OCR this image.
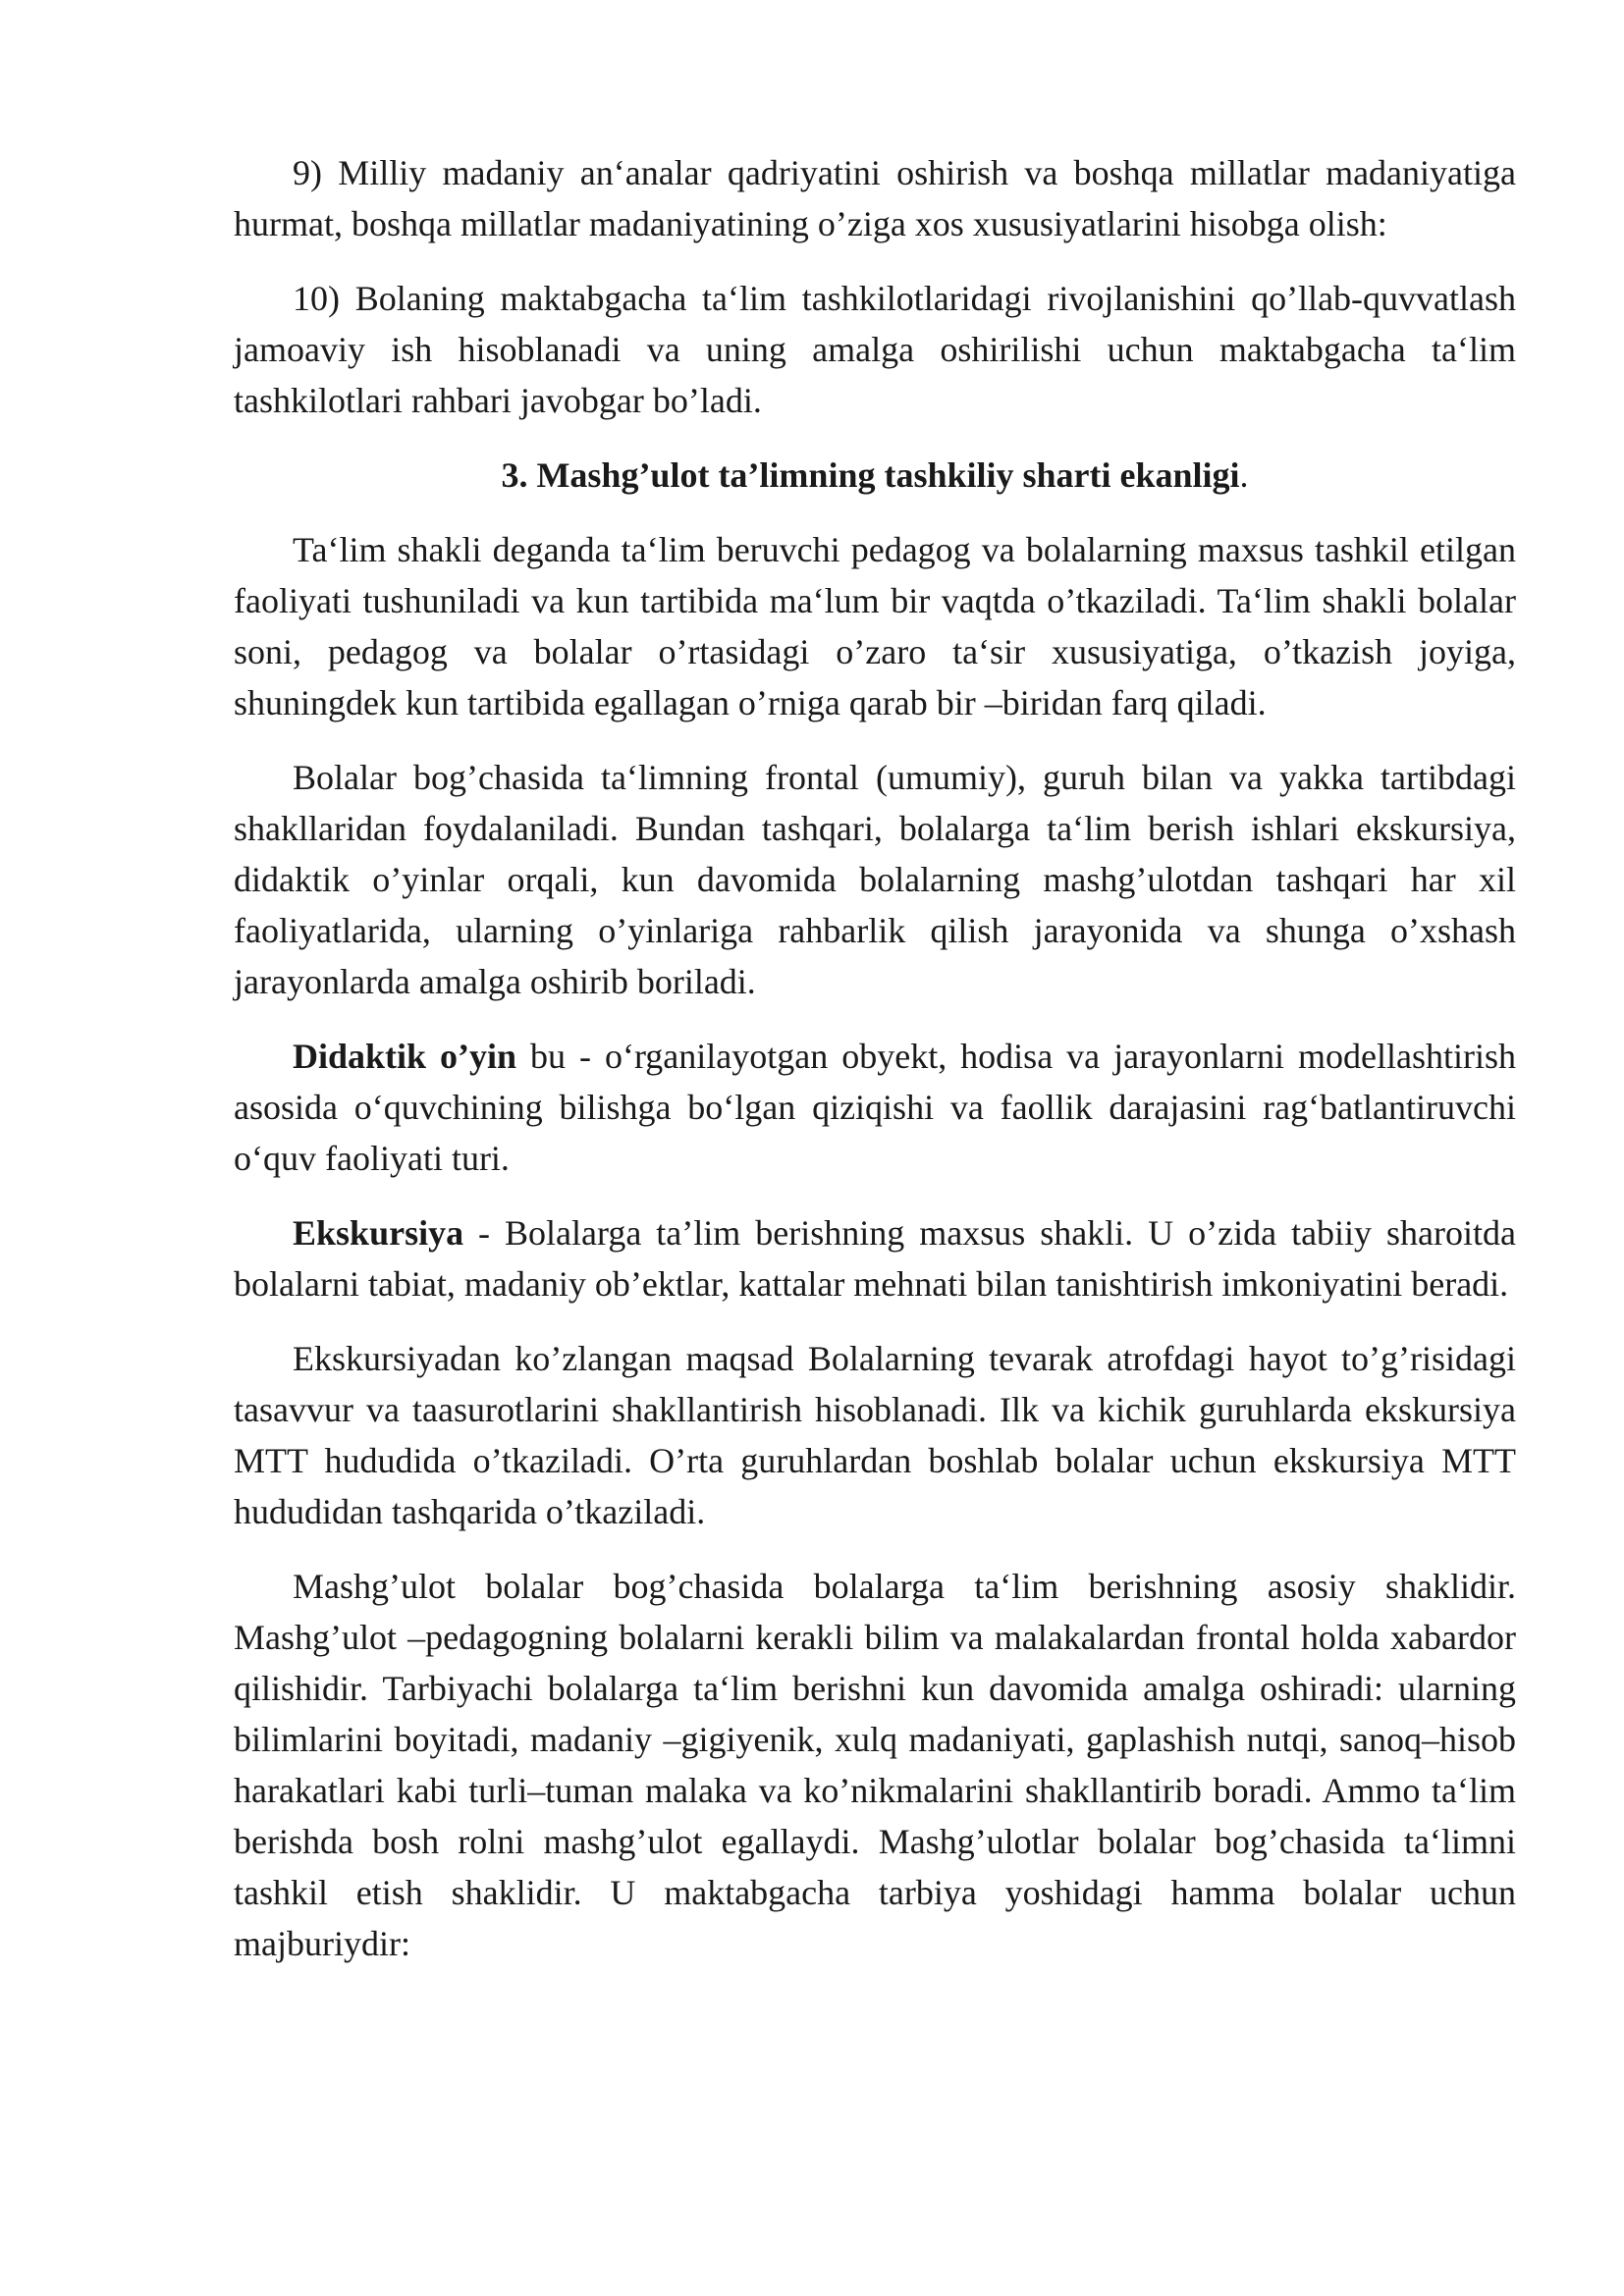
9) Milliy madaniy an‘analar qadriyatini oshirish va boshqa millatlar madaniyatiga hurmat, boshqa millatlar madaniyatining o’ziga xos xususiyatlarini hisobga olish:

10) Bolaning maktabgacha ta‘lim tashkilotlaridagi rivojlanishini qo’llab-quvvatlash jamoaviy ish hisoblanadi va uning amalga oshirilishi uchun maktabgacha ta‘lim tashkilotlari rahbari javobgar bo’ladi.

3. Mashg’ulot ta’limning tashkiliy sharti ekanligi.

Ta‘lim shakli deganda ta‘lim beruvchi pedagog va bolalarning maxsus tashkil etilgan faoliyati tushuniladi va kun tartibida ma‘lum bir vaqtda o’tkaziladi. Ta‘lim shakli bolalar soni, pedagog va bolalar o’rtasidagi o’zaro ta‘sir xususiyatiga, o’tkazish joyiga, shuningdek kun tartibida egallagan o’rniga qarab bir –biridan farq qiladi.

Bolalar bog’chasida ta‘limning frontal (umumiy), guruh bilan va yakka tartibdagi shakllaridan foydalaniladi. Bundan tashqari, bolalarga ta‘lim berish ishlari ekskursiya, didaktik o’yinlar orqali, kun davomida bolalarning mashg’ulotdan tashqari har xil faoliyatlarida, ularning o’yinlariga rahbarlik qilish jarayonida va shunga o’xshash jarayonlarda amalga oshirib boriladi.

Didaktik o’yin bu - o‘rganilayotgan obyekt, hodisa va jarayonlarni modellashtirish asosida o‘quvchining bilishga bo‘lgan qiziqishi va faollik darajasini rag‘batlantiruvchi o‘quv faoliyati turi.

Ekskursiya - Bolalarga ta’lim berishning maxsus shakli. U o’zida tabiiy sharoitda bolalarni tabiat, madaniy ob’ektlar, kattalar mehnati bilan tanishtirish imkoniyatini beradi.

Ekskursiyadan ko’zlangan maqsad Bolalarning tevarak atrofdagi hayot to’g’risidagi tasavvur va taasurotlarini shakllantirish hisoblanadi. Ilk va kichik guruhlarda ekskursiya MTT hududida o’tkaziladi. O’rta guruhlardan boshlab bolalar uchun ekskursiya MTT hududidan tashqarida o’tkaziladi.

Mashg’ulot bolalar bog’chasida bolalarga ta‘lim berishning asosiy shaklidir. Mashg’ulot –pedagogning bolalarni kerakli bilim va malakalardan frontal holda xabardor qilishidir. Tarbiyachi bolalarga ta‘lim berishni kun davomida amalga oshiradi: ularning bilimlarini boyitadi, madaniy –gigiyenik, xulq madaniyati, gaplashish nutqi, sanoq–hisob harakatlari kabi turli–tuman malaka va ko’nikmalarini shakllantirib boradi. Ammo ta‘lim berishda bosh rolni mashg’ulot egallaydi. Mashg’ulotlar bolalar bog’chasida ta‘limni tashkil etish shaklidir. U maktabgacha tarbiya yoshidagi hamma bolalar uchun majburiydir:
